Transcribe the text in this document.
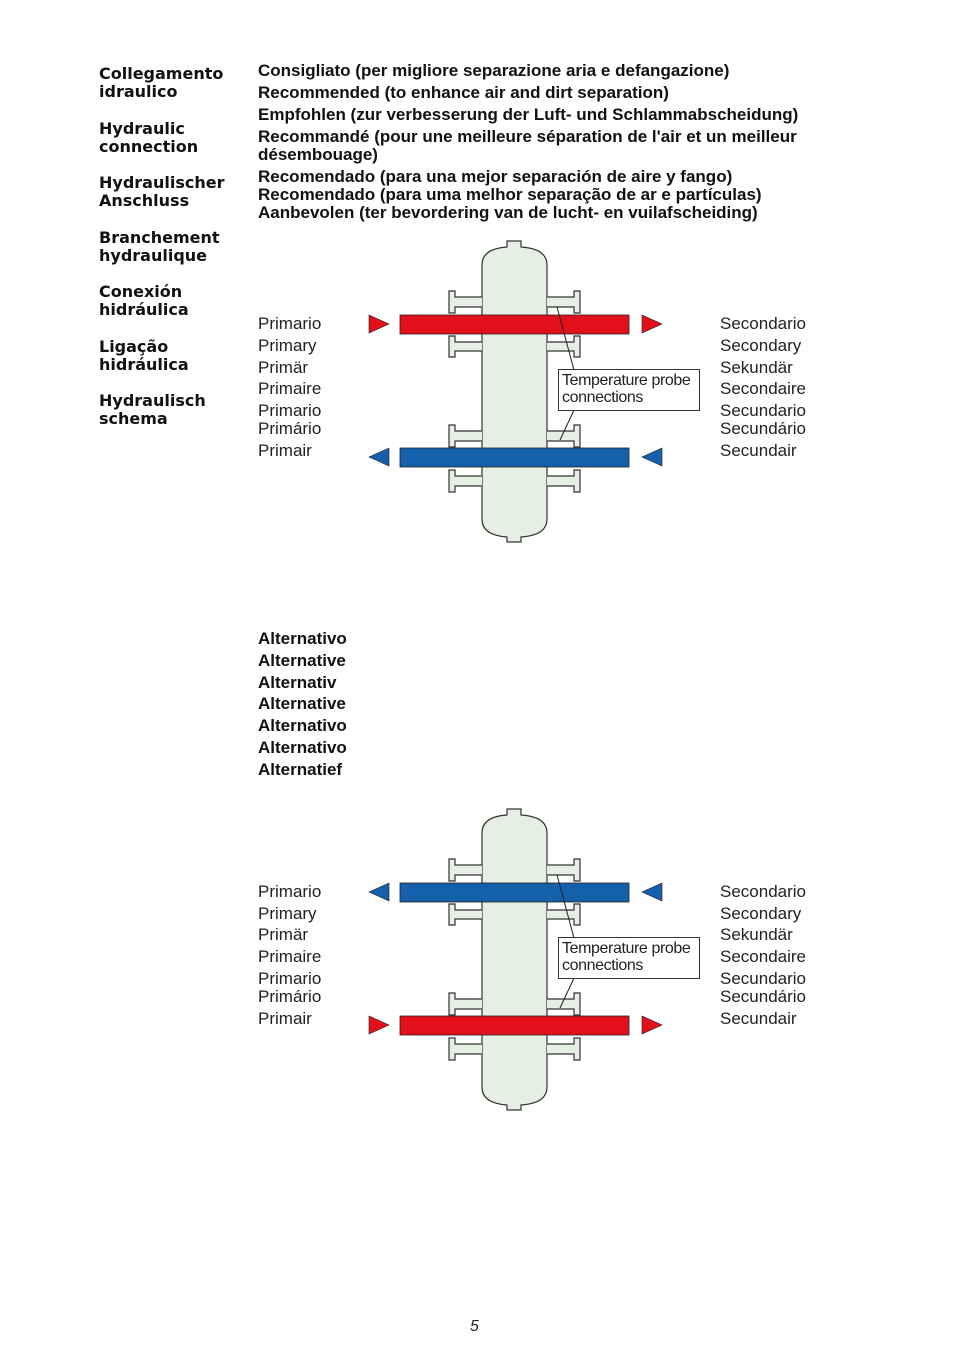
Collegamento
idraulico
Hydraulic
connection
Hydraulischer
Anschluss
Branchement
hydraulique
Conexión
hidráulica
Ligação
hidráulica
Hydraulisch
schema
Consigliato (per migliore separazione aria e defangazione)
Recommended (to enhance air and dirt separation)
Empfohlen (zur verbesserung der Luft- und Schlammabscheidung)
Recommandé (pour une meilleure séparation de l'air et un meilleur
désembouage)
Recomendado (para una mejor separación de aire y fango)
Recomendado (para uma melhor separação de ar e partículas)
Aanbevolen (ter bevordering van de lucht- en vuilafscheiding)
Alternativo
Alternative
Alternativ
Alternative
Alternativo
Alternativo
Alternatief
Primario
Primary
Primär
Primaire
Primario
Primário
Primair
Secondario
Secondary
Sekundär
Secondaire
Secundario
Secundário
Secundair
Primario
Primary
Primär
Primaire
Primario
Primário
Primair
Secondario
Secondary
Sekundär
Secondaire
Secundario
Secundário
Secundair
Temperature probe
connections
Temperature probe
connections
5
